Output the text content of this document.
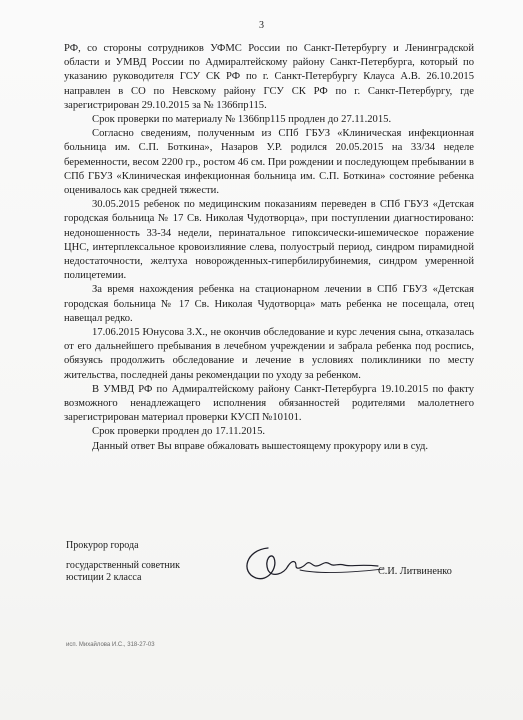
3

РФ, со стороны сотрудников УФМС России по Санкт-Петербургу и Ленинградской области и УМВД России по Адмиралтейскому району Санкт-Петербурга, который по указанию руководителя ГСУ СК РФ по г. Санкт-Петербургу Клауса А.В. 26.10.2015 направлен в СО по Невскому району ГСУ СК РФ по г. Санкт-Петербургу, где зарегистрирован 29.10.2015 за № 1366пр115.

Срок проверки по материалу № 1366пр115 продлен до 27.11.2015.

Согласно сведениям, полученным из СПб ГБУЗ «Клиническая инфекционная больница им. С.П. Боткина», Назаров У.Р. родился 20.05.2015 на 33/34 неделе беременности, весом 2200 гр., ростом 46 см. При рождении и последующем пребывании в СПб ГБУЗ «Клиническая инфекционная больница им. С.П. Боткина» состояние ребенка оценивалось как средней тяжести.

30.05.2015 ребенок по медицинским показаниям переведен в СПб ГБУЗ «Детская городская больница № 17 Св. Николая Чудотворца», при поступлении диагностировано: недоношенность 33-34 недели, перинатальное гипоксически-ишемическое поражение ЦНС, интерплексальное кровоизлияние слева, полуострый период, синдром пирамидной недостаточности, желтуха новорожденных-гипербилирубинемия, синдром умеренной полицетемии.

За время нахождения ребенка на стационарном лечении в СПб ГБУЗ «Детская городская больница № 17 Св. Николая Чудотворца» мать ребенка не посещала, отец навещал редко.

17.06.2015 Юнусова З.Х., не окончив обследование и курс лечения сына, отказалась от его дальнейшего пребывания в лечебном учреждении и забрала ребенка под роспись, обязуясь продолжить обследование и лечение в условиях поликлиники по месту жительства, последней даны рекомендации по уходу за ребенком.

В УМВД РФ по Адмиралтейскому району Санкт-Петербурга 19.10.2015 по факту возможного ненадлежащего исполнения обязанностей родителями малолетнего зарегистрирован материал проверки КУСП №10101.

Срок проверки продлен до 17.11.2015.

Данный ответ Вы вправе обжаловать вышестоящему прокурору или в суд.

Прокурор города
государственный советник
юстиции 2 класса
С.И. Литвиненко
исп. Михайлова И.С., 318-27-03
